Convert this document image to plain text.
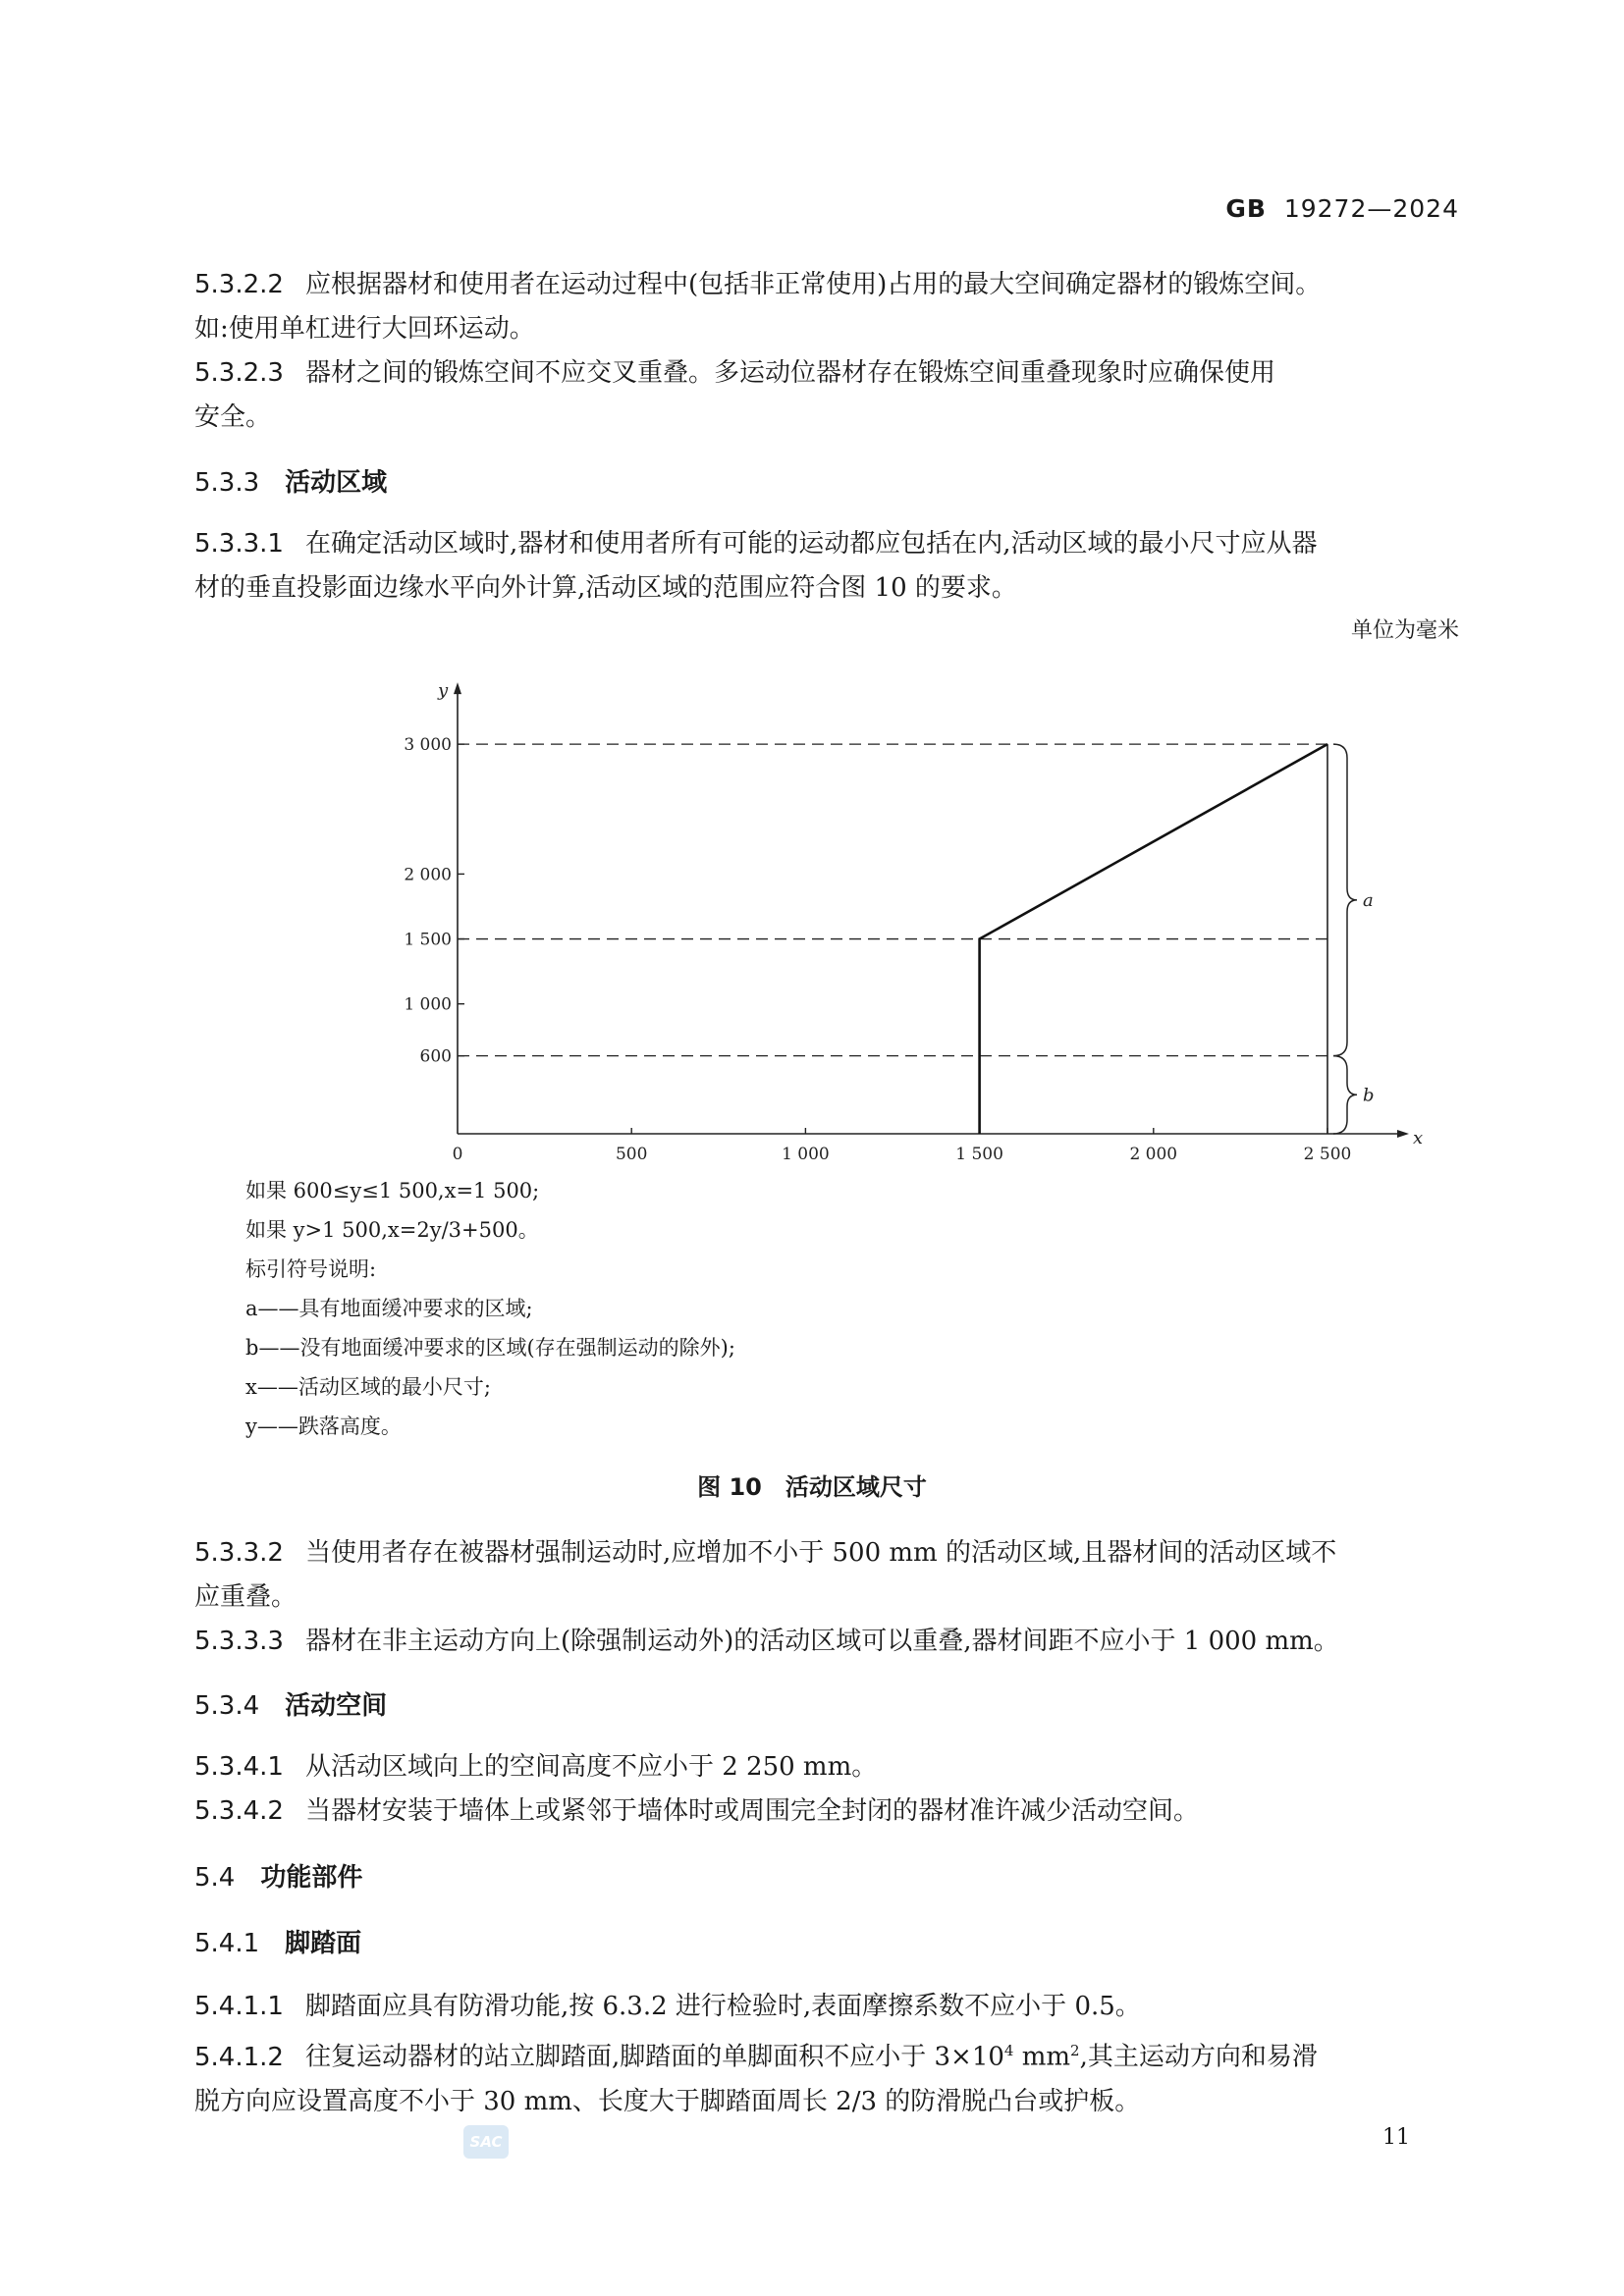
GB 19272—2024
5.3.2.2 应根据器材和使用者在运动过程中(包括非正常使用)占用的最大空间确定器材的锻炼空间。
如:使用单杠进行大回环运动。
5.3.2.3 器材之间的锻炼空间不应交叉重叠。多运动位器材存在锻炼空间重叠现象时应确保使用
安全。
5.3.3 活动区域
5.3.3.1 在确定活动区域时,器材和使用者所有可能的运动都应包括在内,活动区域的最小尺寸应从器
材的垂直投影面边缘水平向外计算,活动区域的范围应符合图 10 的要求。
单位为毫米
x
y
0	500	1 000	1 500	2 000	2 500
600
1 000
1 500
2 000
3 000
a
b
如果 600≤y≤1 500,x=1 500;
如果 y>1 500,x=2y/3+500。
标引符号说明:
a——具有地面缓冲要求的区域;
b——没有地面缓冲要求的区域(存在强制运动的除外);
x——活动区域的最小尺寸;
y——跌落高度。
图 10 活动区域尺寸
5.3.3.2 当使用者存在被器材强制运动时,应增加不小于 500 mm 的活动区域,且器材间的活动区域不
应重叠。
5.3.3.3 器材在非主运动方向上(除强制运动外)的活动区域可以重叠,器材间距不应小于 1 000 mm。
5.3.4 活动空间
5.3.4.1 从活动区域向上的空间高度不应小于 2 250 mm。
5.3.4.2 当器材安装于墙体上或紧邻于墙体时或周围完全封闭的器材准许减少活动空间。
5.4 功能部件
5.4.1 脚踏面
5.4.1.1 脚踏面应具有防滑功能,按 6.3.2 进行检验时,表面摩擦系数不应小于 0.5。
5.4.1.2 往复运动器材的站立脚踏面,脚踏面的单脚面积不应小于 $3\times 10^4$ $mm^2$,其主运动方向和易滑
脱方向应设置高度不小于 30 mm、长度大于脚踏面周长 2/3 的防滑脱凸台或护板。
SAC	11
